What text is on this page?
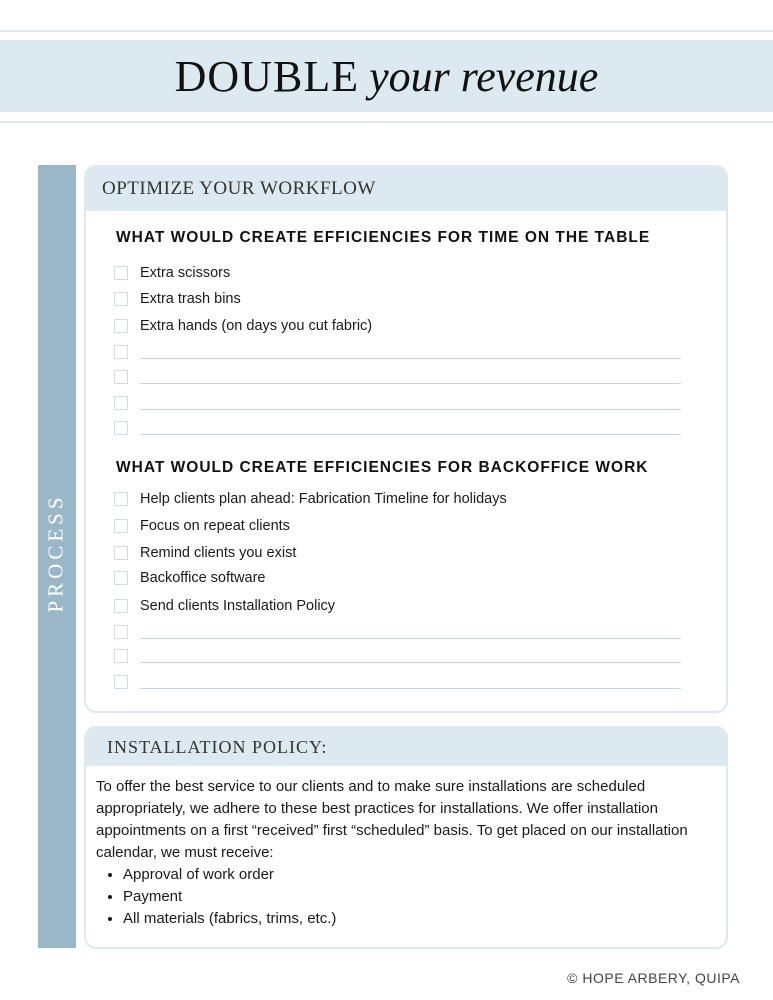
DOUBLE your revenue
PROCESS
OPTIMIZE YOUR WORKFLOW
WHAT WOULD CREATE EFFICIENCIES FOR TIME ON THE TABLE
Extra scissors
Extra trash bins
Extra hands (on days you cut fabric)
WHAT WOULD CREATE EFFICIENCIES FOR BACKOFFICE WORK
Help clients plan ahead: Fabrication Timeline for holidays
Focus on repeat clients
Remind clients you exist
Backoffice software
Send clients Installation Policy
INSTALLATION POLICY:
To offer the best service to our clients and to make sure installations are scheduled appropriately, we adhere to these best practices for installations. We offer installation appointments on a first “received” first “scheduled” basis. To get placed on our installation calendar, we must receive:
• Approval of work order
• Payment
• All materials (fabrics, trims, etc.)
© HOPE ARBERY, QUIPA
